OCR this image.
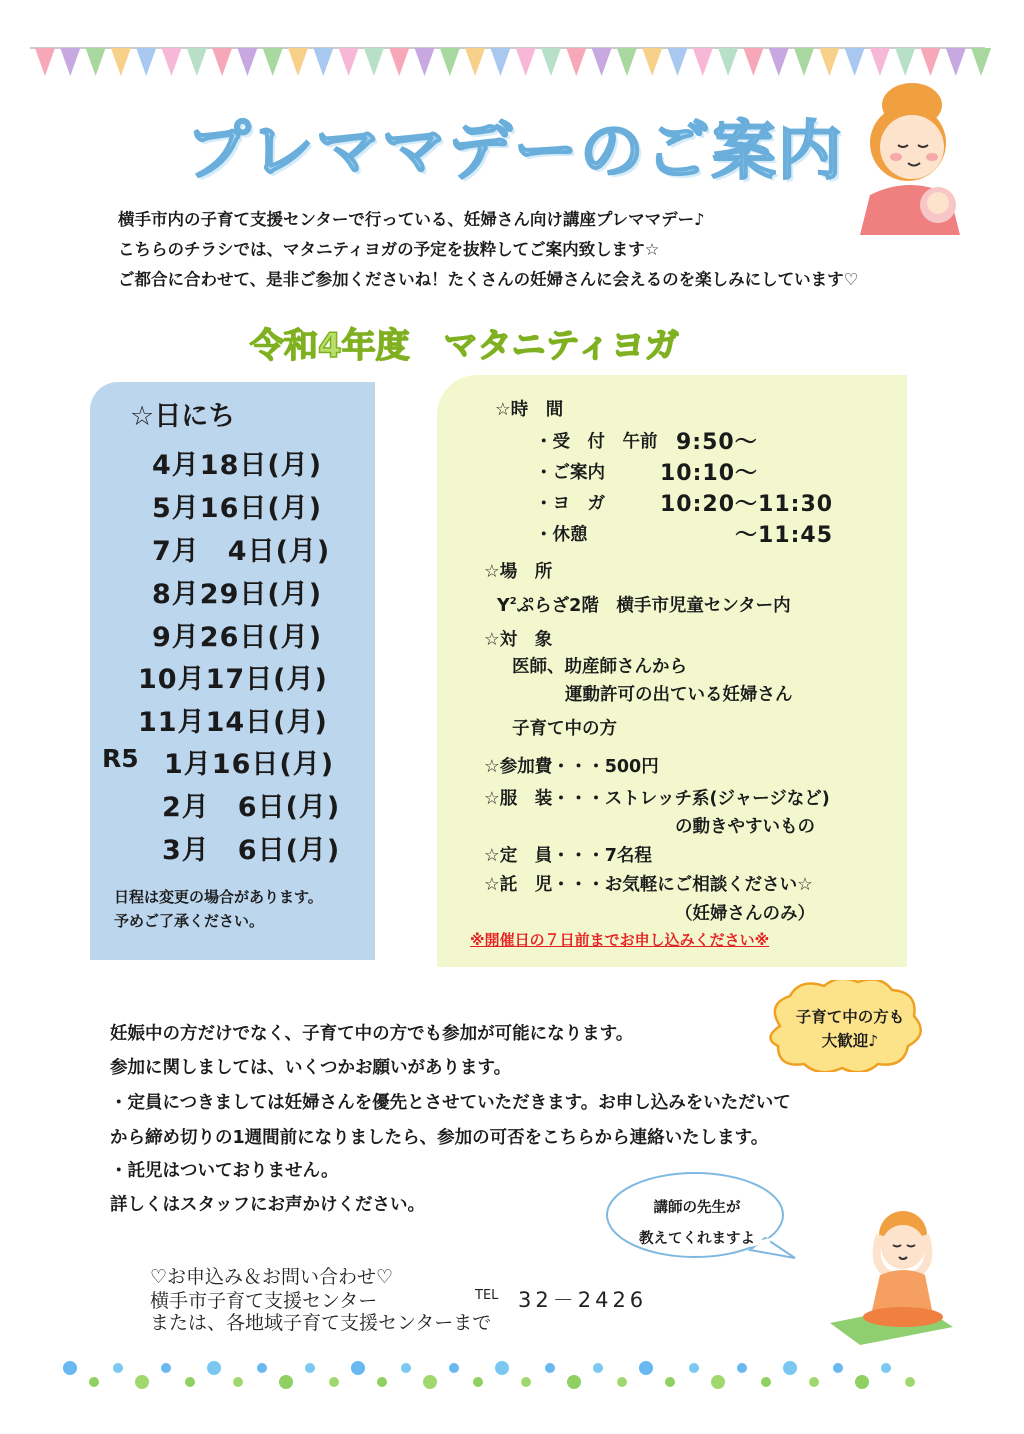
プレママデーのご案内
横手市内の子育て支援センターで行っている、妊婦さん向け講座プレママデー♪
こちらのチラシでは、マタニティヨガの予定を抜粋してご案内致します☆
ご都合に合わせて、是非ご参加くださいね！たくさんの妊婦さんに会えるのを楽しみにしています♡
令和4年度　マタニティヨガ
☆日にち
4月18日(月)
5月16日(月)
7月　4日(月)
8月29日(月)
9月26日(月)
10月17日(月)
11月14日(月)
R5 1月16日(月)
2月　6日(月)
3月　6日(月)
日程は変更の場合があります。
予めご了承ください。
☆時　間
・受　付　午前 9:50～
・ご案内	10:10～
・ヨ　ガ	10:20～11:30
・休憩	～11:45
☆場　所
$Y^2$ぷらざ2階　横手市児童センター内
☆対　象
医師、助産師さんから
運動許可の出ている妊婦さん
子育て中の方
☆参加費・・・500円
☆服　装・・・ストレッチ系(ジャージなど)
の動きやすいもの
☆定　員・・・7名程
☆託　児・・・お気軽にご相談ください☆
（妊婦さんのみ）
※開催日の７日前までお申し込みください※
妊娠中の方だけでなく、子育て中の方でも参加が可能になります。
参加に関しましては、いくつかお願いがあります。
・定員につきましては妊婦さんを優先とさせていただきます。お申し込みをいただいて
から締め切りの1週間前になりましたら、参加の可否をこちらから連絡いたします。
・託児はついておりません。
詳しくはスタッフにお声かけください。
子育て中の方も
大歓迎♪
講師の先生が
教えてくれますよ
♡お申込み＆お問い合わせ♡
横手市子育て支援センター	TEL 32－2426
または、各地域子育て支援センターまで
